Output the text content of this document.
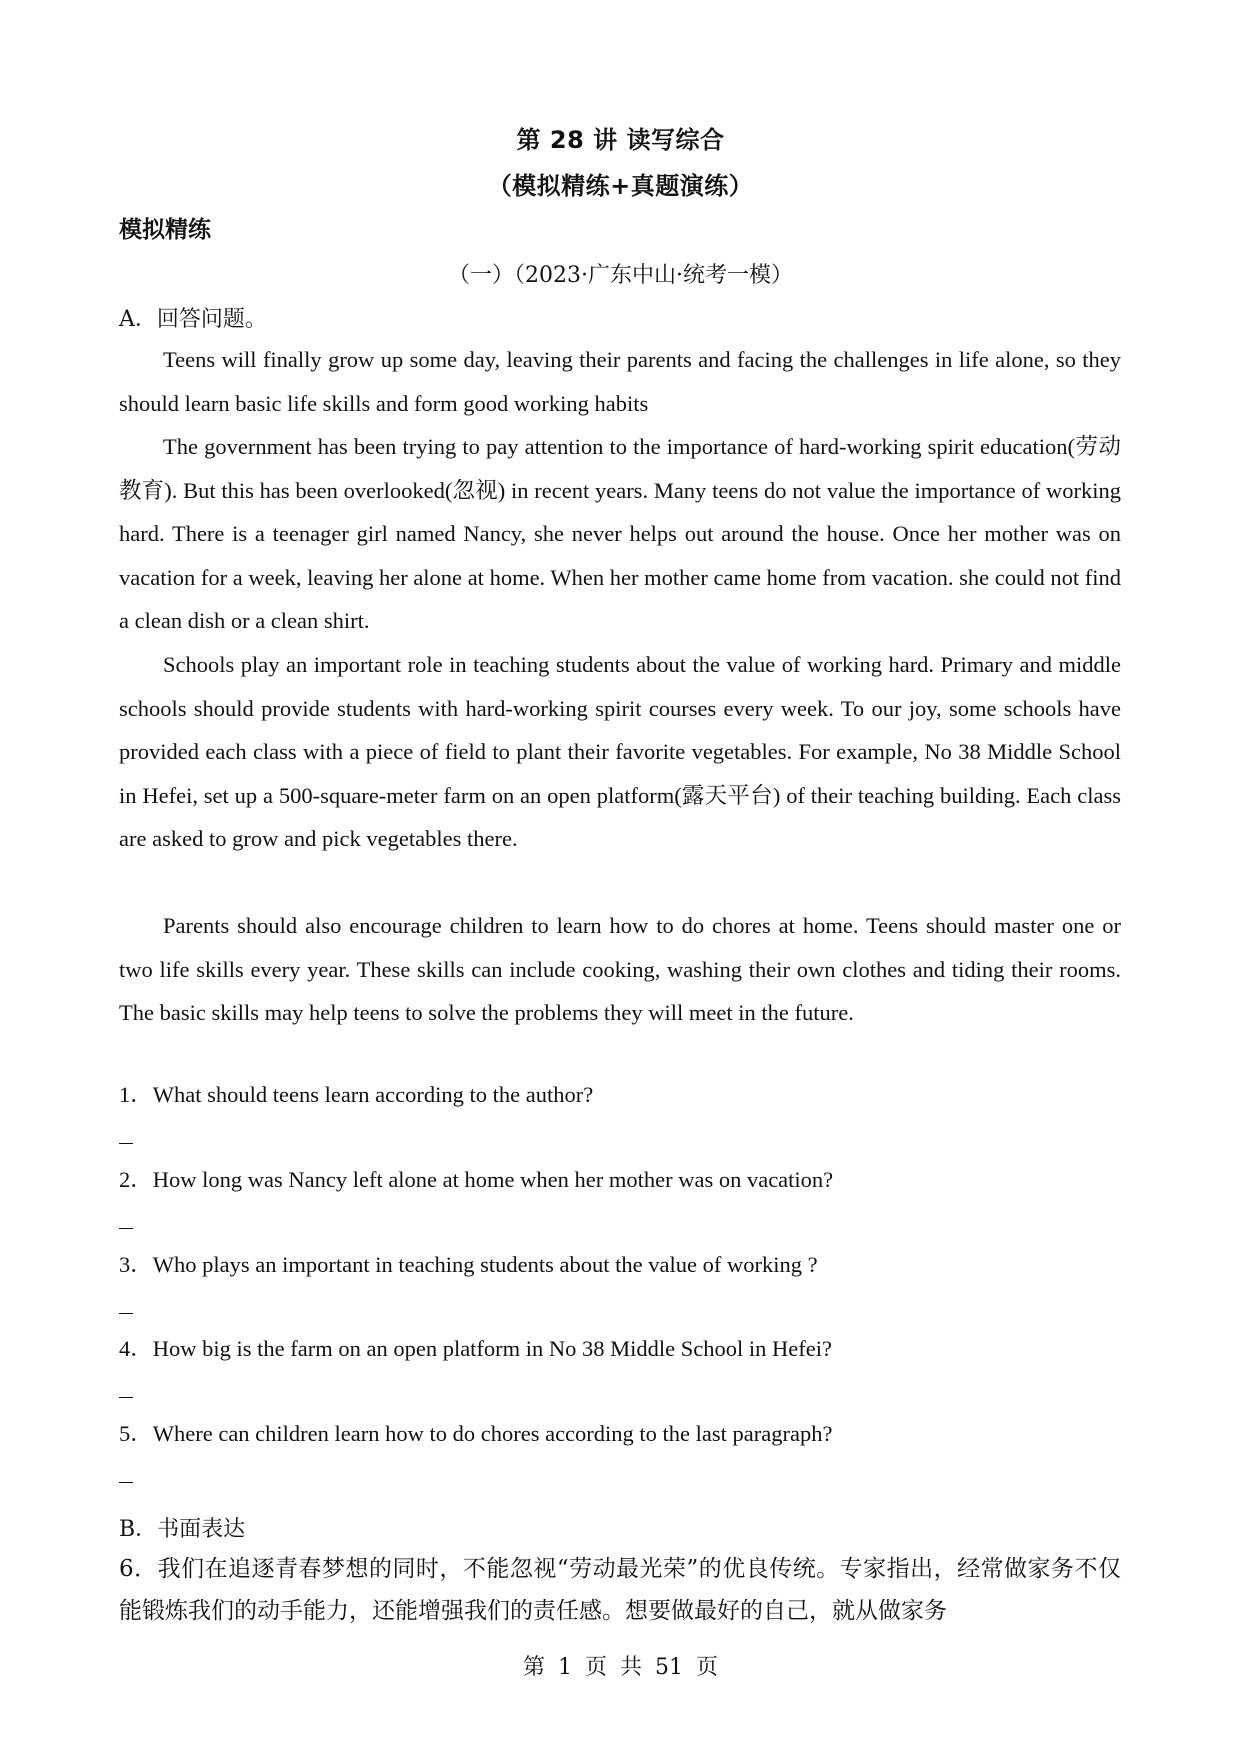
第 28 讲 读写综合
（模拟精练+真题演练）
模拟精练
（一）（2023·广东中山·统考一模）
A．回答问题。

Teens will finally grow up some day, leaving their parents and facing the challenges in life alone, so they should learn basic life skills and form good working habits

The government has been trying to pay attention to the importance of hard-working spirit education(劳动教育). But this has been overlooked(忽视) in recent years. Many teens do not value the importance of working hard. There is a teenager girl named Nancy, she never helps out around the house. Once her mother was on vacation for a week, leaving her alone at home. When her mother came home from vacation. she could not find a clean dish or a clean shirt.

Schools play an important role in teaching students about the value of working hard. Primary and middle schools should provide students with hard-working spirit courses every week. To our joy, some schools have provided each class with a piece of field to plant their favorite vegetables. For example, No 38 Middle School in Hefei, set up a 500-square-meter farm on an open platform(露天平台) of their teaching building. Each class are asked to grow and pick vegetables there.

Parents should also encourage children to learn how to do chores at home. Teens should master one or two life skills every year. These skills can include cooking, washing their own clothes and tiding their rooms. The basic skills may help teens to solve the problems they will meet in the future.

1．What should teens learn according to the author?

2．How long was Nancy left alone at home when her mother was on vacation?

3．Who plays an important in teaching students about the value of working ?

4．How big is the farm on an open platform in No 38 Middle School in Hefei?

5．Where can children learn how to do chores according to the last paragraph?

B．书面表达

6．我们在追逐青春梦想的同时，不能忽视“劳动最光荣”的优良传统。专家指出，经常做家务不仅能锻炼我们的动手能力，还能增强我们的责任感。想要做最好的自己，就从做家务

第 1 页 共 51 页
